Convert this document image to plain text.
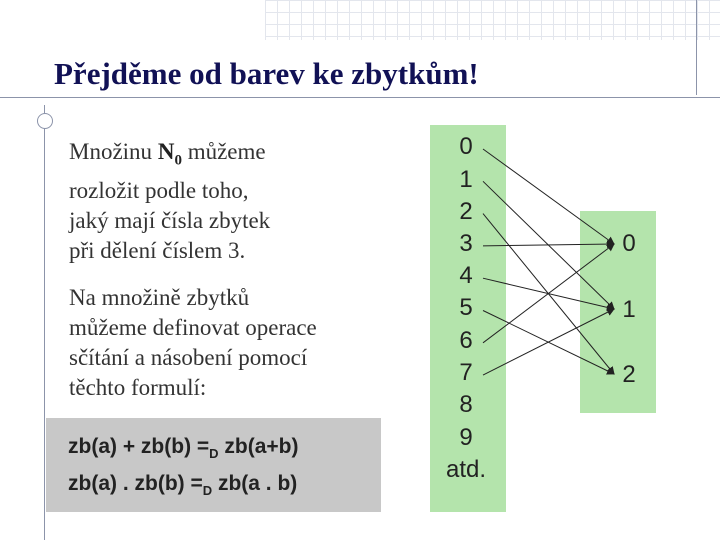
Přejděme od barev ke zbytkům!
Množinu $N_0$ můžeme
rozložit podle toho,
jaký mají čísla zbytek
při dělení číslem 3.
Na množině zbytků
můžeme definovat operace
sčítání a násobení pomocí
těchto formulí:
$zb(a) + zb(b) =_D$ zb(a+b)
zb(a) . $zb(b) =_D$ zb(a . b)
0
1
2
3
4
5
6
7
8
9
atd.
0
1
2
